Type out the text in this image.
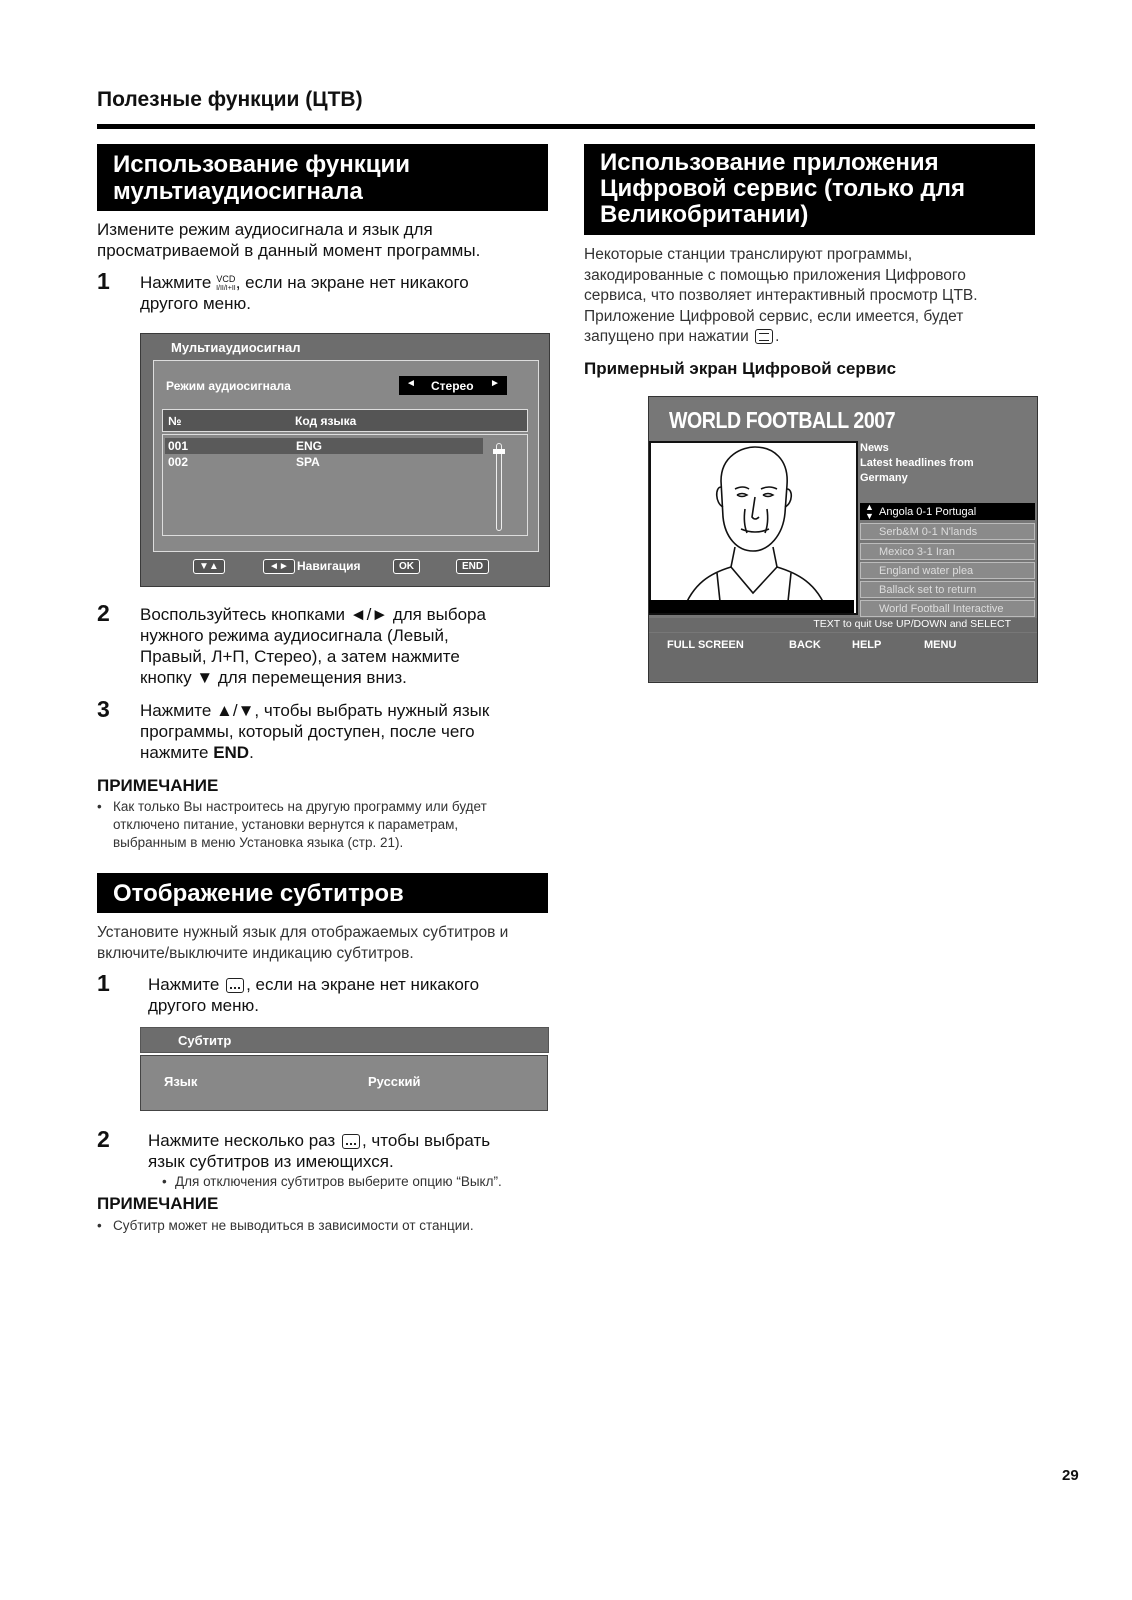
Полезные функции (ЦТВ)
Использование функции
мультиаудиосигнала
Измените режим аудиосигнала и язык для
просматриваемой в данный момент программы.
1 Нажмите VCD
I/II/I+II , если на экране нет никакого
другого меню.
Мультиаудиосигнал
Режим аудиосигнала	◄ Стерео ►
№	Код языка
001	ENG
002	SPA
▼▲	◄► Навигация	OK	END
2 Воспользуйтесь кнопками ◄/► для выбора
нужного режима аудиосигнала (Левый,
Правый, Л+П, Стерео), а затем нажмите
кнопку ▼ для перемещения вниз.
3 Нажмите ▲/▼, чтобы выбрать нужный язык
программы, который доступен, после чего
нажмите END.
ПРИМЕЧАНИЕ
• Как только Вы настроитесь на другую программу или будет
отключено питание, установки вернутся к параметрам,
выбранным в меню Установка языка (стр. 21).
Отображение субтитров
Установите нужный язык для отображаемых субтитров и
включите/выключите индикацию субтитров.
1 Нажмите , если на экране нет никакого
другого меню.
Субтитр
Язык	Русский
2 Нажмите несколько раз , чтобы выбрать
язык субтитров из имеющихся.
• Для отключения субтитров выберите опцию “Выкл”.
ПРИМЕЧАНИЕ
• Субтитр может не выводиться в зависимости от станции.
Использование приложения
Цифровой сервис (только для
Великобритании)
Некоторые станции транслируют программы,
закодированные с помощью приложения Цифрового
сервиса, что позволяет интерактивный просмотр ЦТВ.
Приложение Цифровой сервис, если имеется, будет
запущено при нажатии .
Примерный экран Цифровой сервис
WORLD FOOTBALL 2007
News
Latest headlines from
Germany
▲
▼ Angola 0-1 Portugal
Serb&M 0-1 N'lands
Mexico 3-1 Iran
England water plea
Ballack set to return
World Football Interactive
TEXT to quit Use UP/DOWN and SELECT
FULL SCREEN	BACK	HELP	MENU
29
